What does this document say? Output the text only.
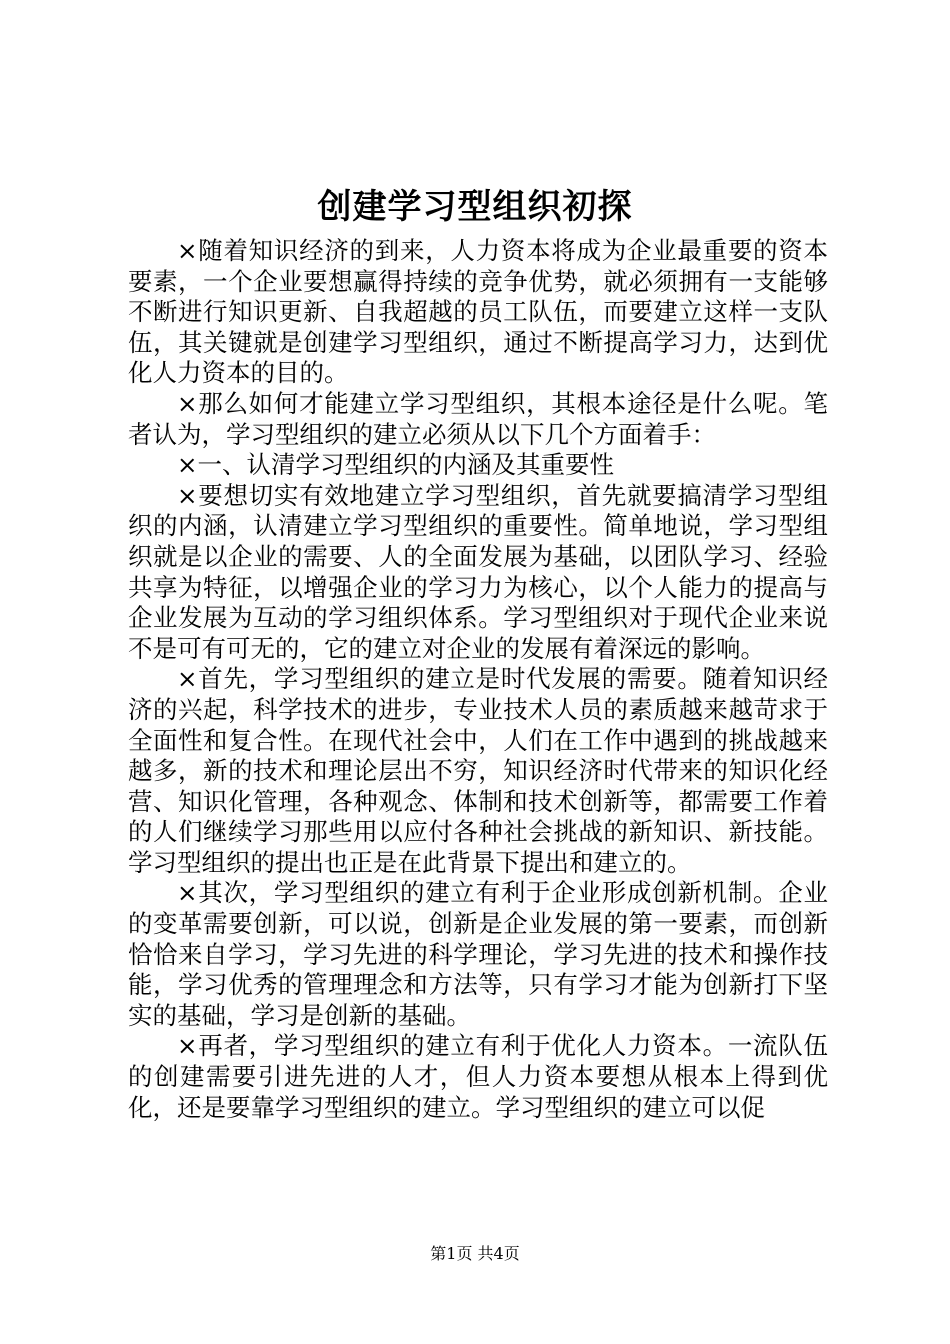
创建学习型组织初探

×随着知识经济的到来，人力资本将成为企业最重要的资本要素，一个企业要想赢得持续的竞争优势，就必须拥有一支能够不断进行知识更新、自我超越的员工队伍，而要建立这样一支队伍，其关键就是创建学习型组织，通过不断提高学习力，达到优化人力资本的目的。

×那么如何才能建立学习型组织，其根本途径是什么呢。笔者认为，学习型组织的建立必须从以下几个方面着手：

×一、认清学习型组织的内涵及其重要性

×要想切实有效地建立学习型组织，首先就要搞清学习型组织的内涵，认清建立学习型组织的重要性。简单地说，学习型组织就是以企业的需要、人的全面发展为基础，以团队学习、经验共享为特征，以增强企业的学习力为核心，以个人能力的提高与企业发展为互动的学习组织体系。学习型组织对于现代企业来说不是可有可无的，它的建立对企业的发展有着深远的影响。

×首先，学习型组织的建立是时代发展的需要。随着知识经济的兴起，科学技术的进步，专业技术人员的素质越来越苛求于全面性和复合性。在现代社会中，人们在工作中遇到的挑战越来越多，新的技术和理论层出不穷，知识经济时代带来的知识化经营、知识化管理，各种观念、体制和技术创新等，都需要工作着的人们继续学习那些用以应付各种社会挑战的新知识、新技能。学习型组织的提出也正是在此背景下提出和建立的。

×其次，学习型组织的建立有利于企业形成创新机制。企业的变革需要创新，可以说，创新是企业发展的第一要素，而创新恰恰来自学习，学习先进的科学理论，学习先进的技术和操作技能，学习优秀的管理理念和方法等，只有学习才能为创新打下坚实的基础，学习是创新的基础。

×再者，学习型组织的建立有利于优化人力资本。一流队伍的创建需要引进先进的人才，但人力资本要想从根本上得到优化，还是要靠学习型组织的建立。学习型组织的建立可以促

第1页 共4页
